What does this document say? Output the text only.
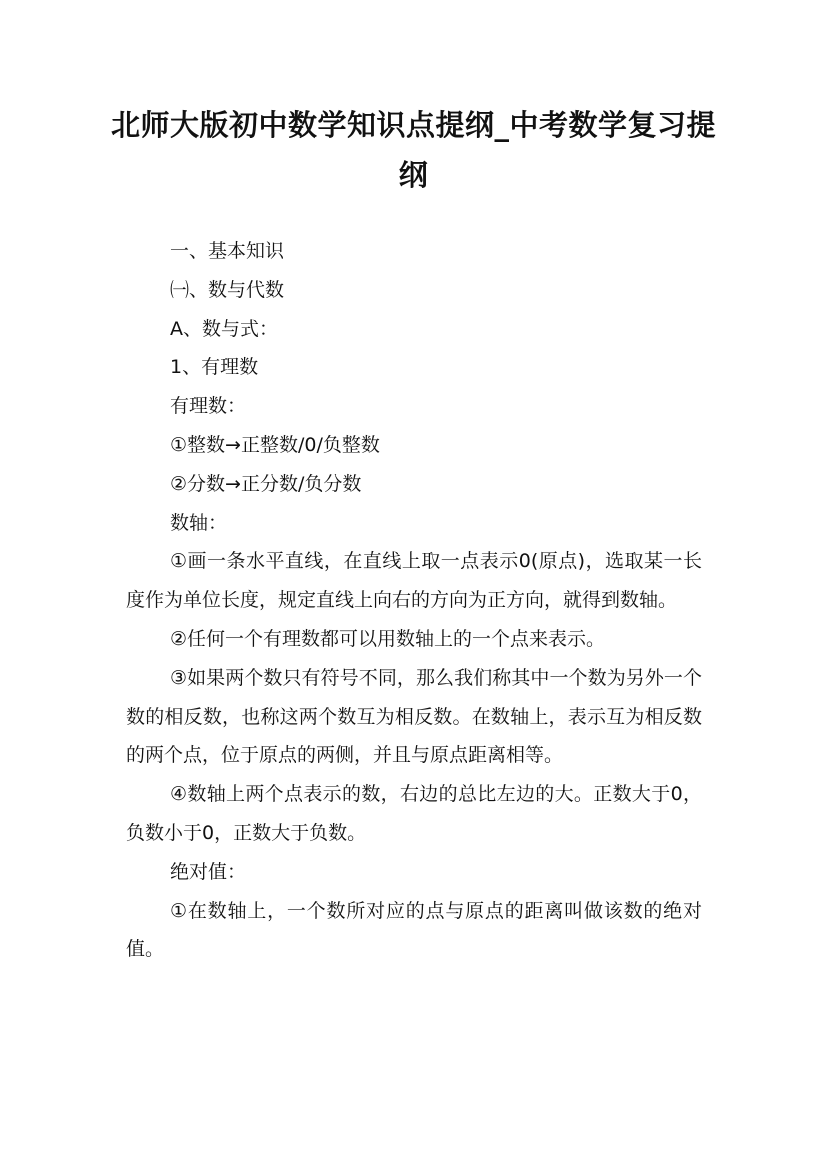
北师大版初中数学知识点提纲_中考数学复习提纲

一、基本知识

㈠、数与代数

A、数与式：

1、有理数

有理数：

①整数→正整数/0/负整数

②分数→正分数/负分数

数轴：

①画一条水平直线，在直线上取一点表示0(原点)，选取某一长度作为单位长度，规定直线上向右的方向为正方向，就得到数轴。

②任何一个有理数都可以用数轴上的一个点来表示。

③如果两个数只有符号不同，那么我们称其中一个数为另外一个数的相反数，也称这两个数互为相反数。在数轴上，表示互为相反数的两个点，位于原点的两侧，并且与原点距离相等。

④数轴上两个点表示的数，右边的总比左边的大。正数大于0，负数小于0，正数大于负数。

绝对值：

①在数轴上，一个数所对应的点与原点的距离叫做该数的绝对值。
